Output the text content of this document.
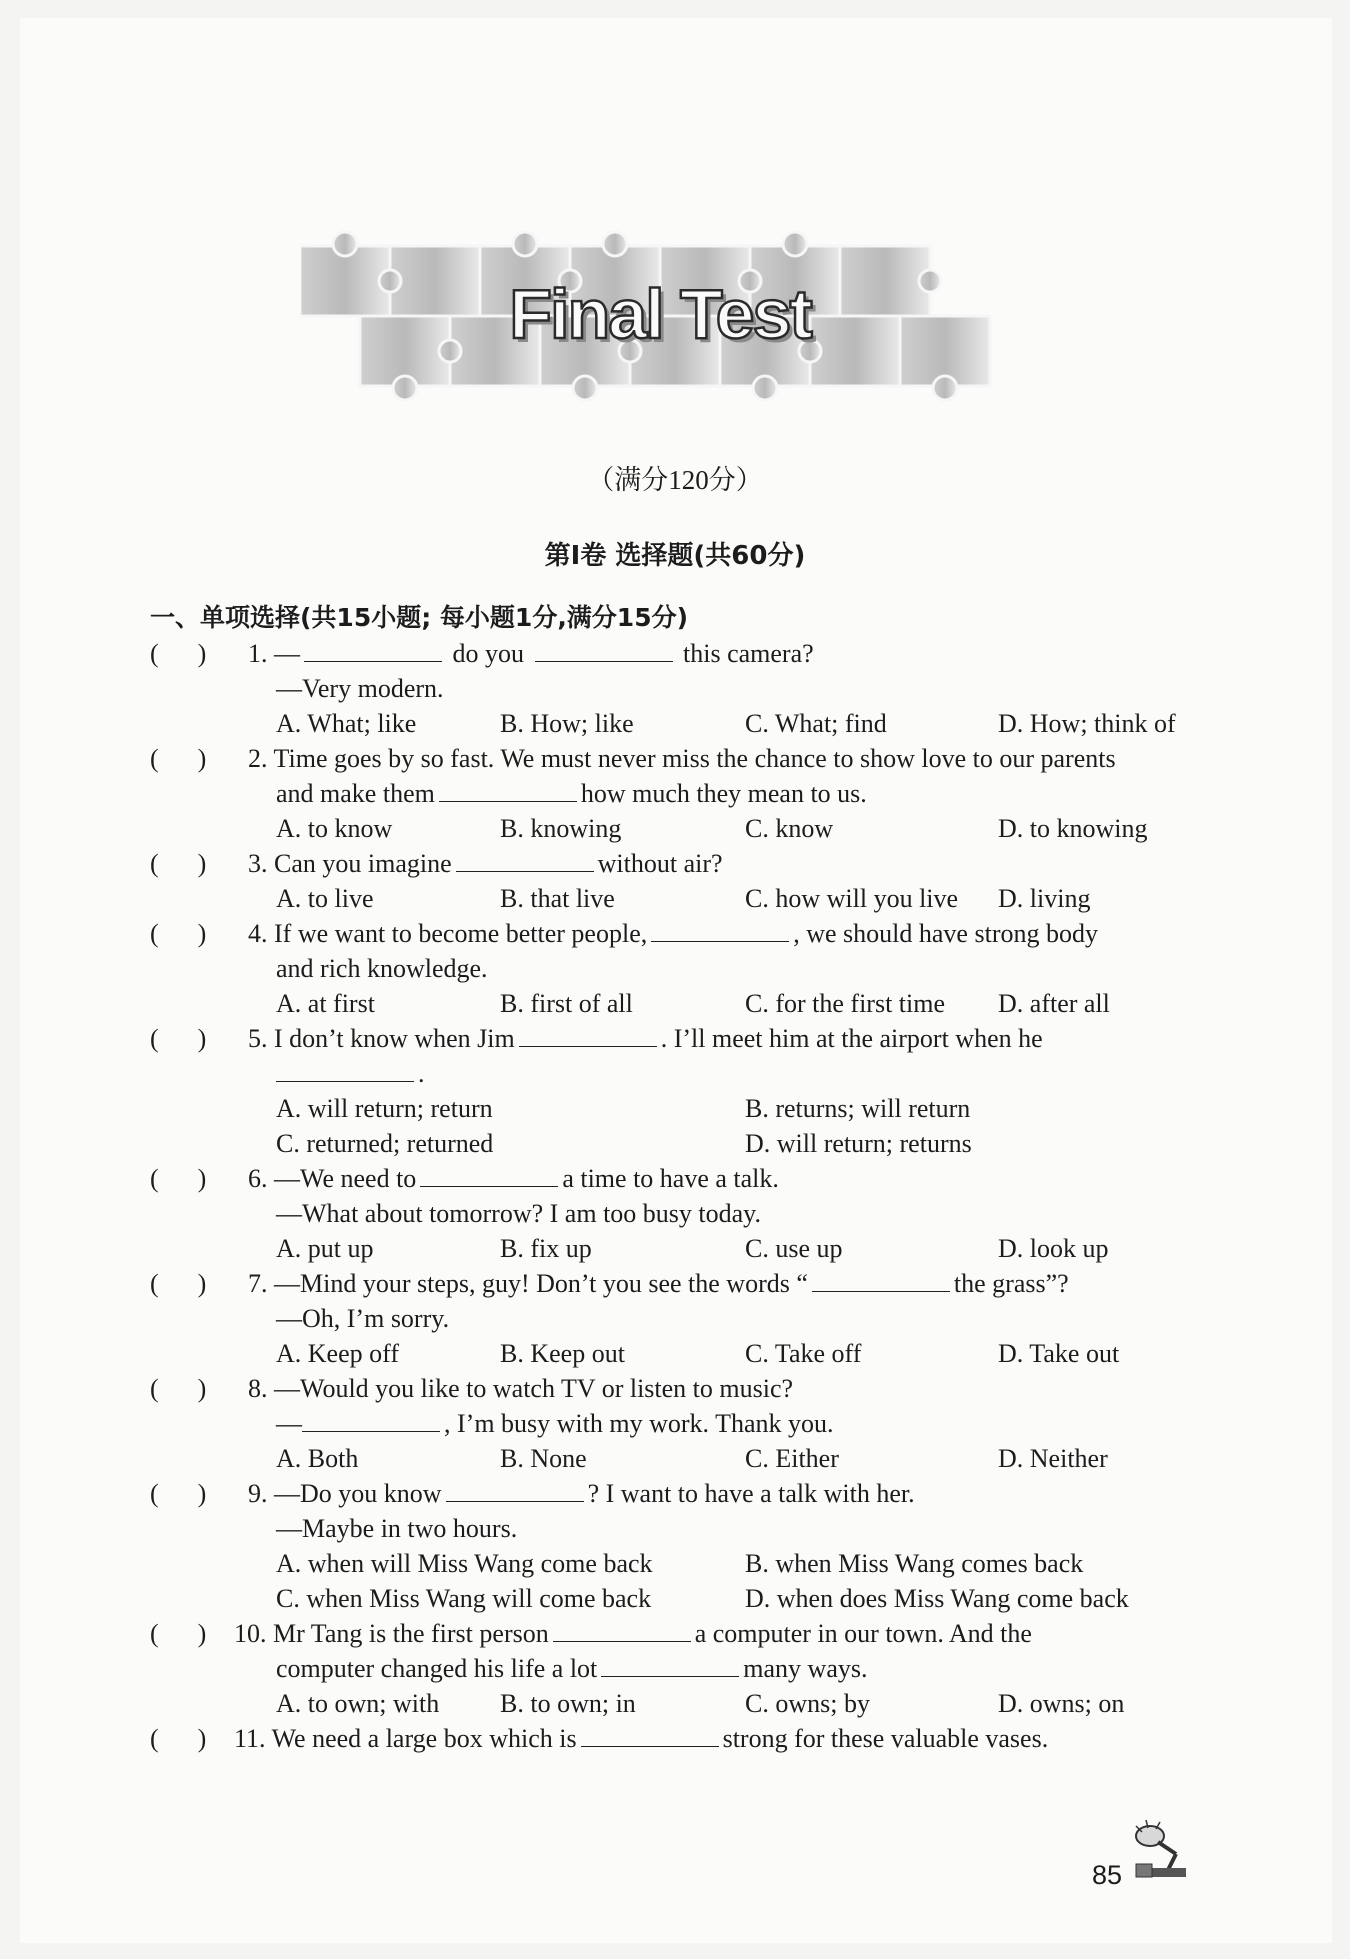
Final Test
（满分120分）
第Ⅰ卷 选择题(共60分)
一、单项选择(共15小题; 每小题1分,满分15分)
(      ) 1. —	do you	this camera?
—Very modern.
A. What; like	B. How; like	C. What; find	D. How; think of
(      ) 2. Time goes by so fast. We must never miss the chance to show love to our parents
and make them	how much they mean to us.
A. to know	B. knowing	C. know	D. to knowing
(      ) 3. Can you imagine	without air?
A. to live	B. that live	C. how will you live D. living
(      ) 4. If we want to become better people,	, we should have strong body
and rich knowledge.
A. at first	B. first of all	C. for the first time D. after all
(      ) 5. I don’t know when Jim	. I’ll meet him at the airport when he
.
A. will return; return	B. returns; will return
C. returned; returned	D. will return; returns
(      ) 6. —We need to	a time to have a talk.
—What about tomorrow? I am too busy today.
A. put up	B. fix up	C. use up	D. look up
(      ) 7. —Mind your steps, guy! Don’t you see the words “	the grass”?
—Oh, I’m sorry.
A. Keep off	B. Keep out	C. Take off	D. Take out
(      ) 8. —Would you like to watch TV or listen to music?
—	, I’m busy with my work. Thank you.
A. Both	B. None	C. Either	D. Neither
(      ) 9. —Do you know	? I want to have a talk with her.
—Maybe in two hours.
A. when will Miss Wang come back	B. when Miss Wang comes back
C. when Miss Wang will come back	D. when does Miss Wang come back
(      ) 10. Mr Tang is the first person	a computer in our town. And the
computer changed his life a lot	many ways.
A. to own; with B. to own; in	C. owns; by	D. owns; on
(      ) 11. We need a large box which is	strong for these valuable vases.
85
